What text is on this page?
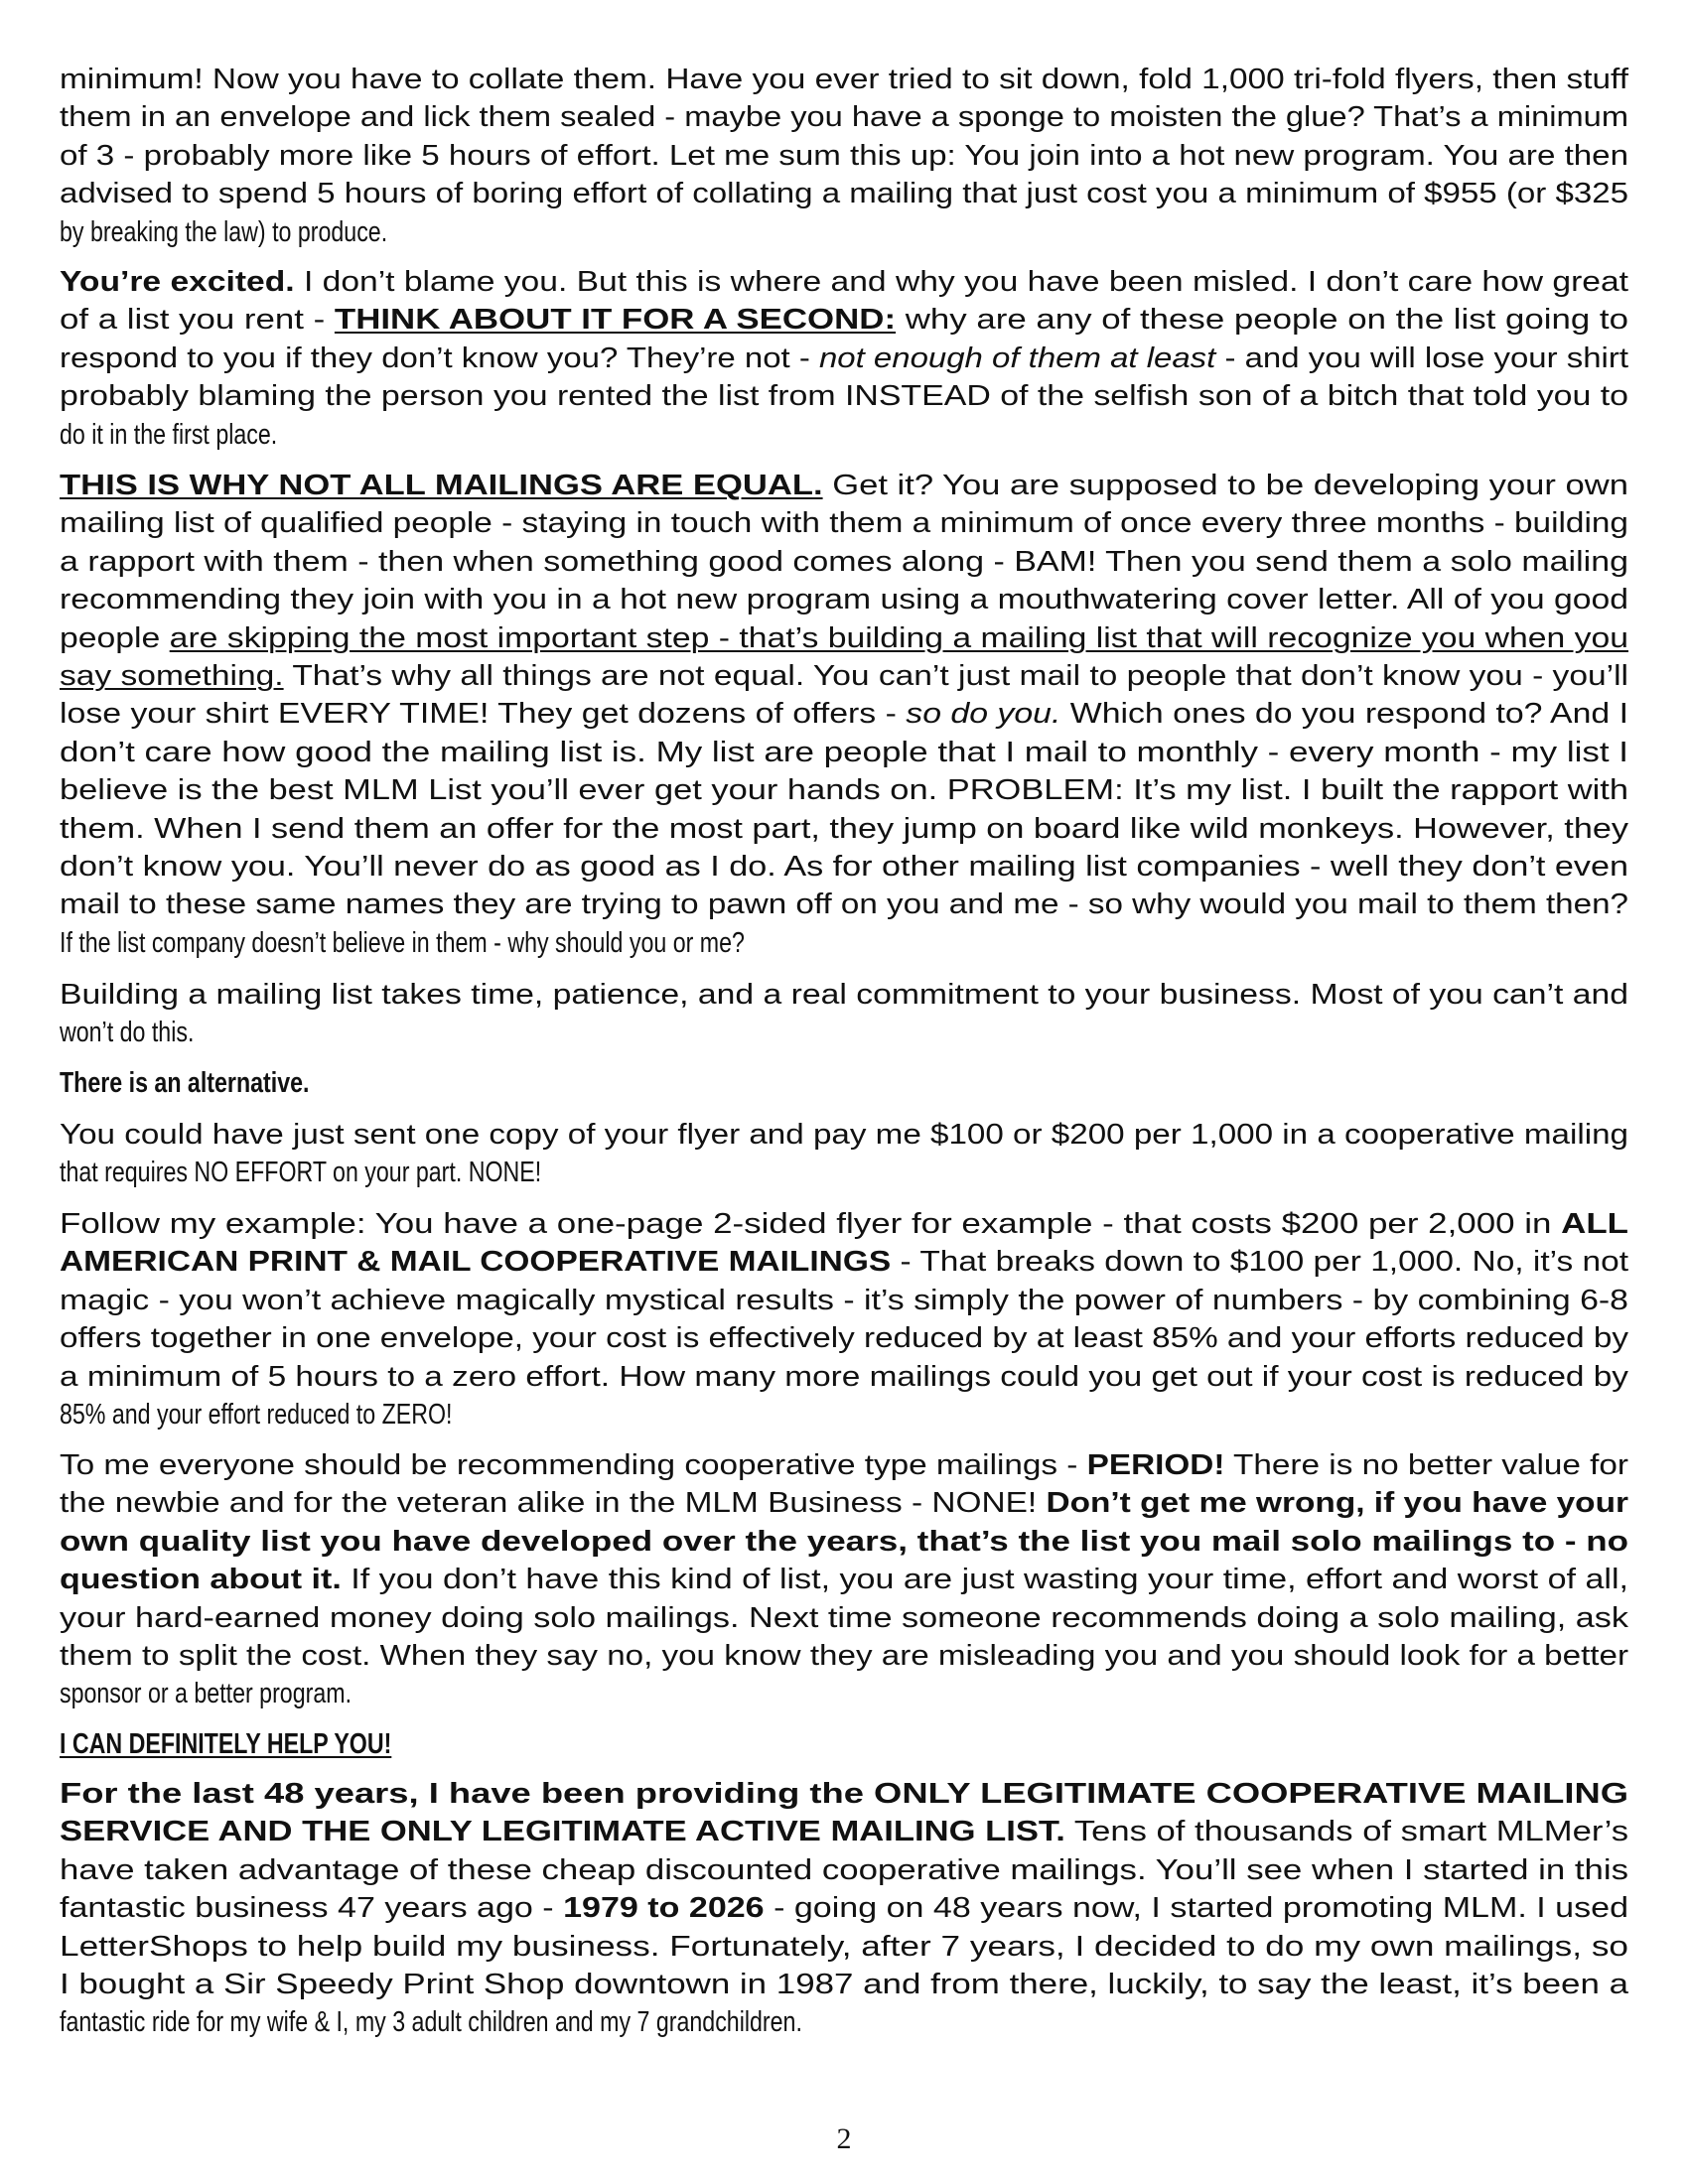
minimum! Now you have to collate them. Have you ever tried to sit down, fold 1,000 tri-fold flyers, then stuff
them in an envelope and lick them sealed - maybe you have a sponge to moisten the glue? That’s a minimum
of 3 - probably more like 5 hours of effort. Let me sum this up: You join into a hot new program. You are then
advised to spend 5 hours of boring effort of collating a mailing that just cost you a minimum of $955 (or $325
by breaking the law) to produce.
You’re excited. I don’t blame you. But this is where and why you have been misled. I don’t care how great
of a list you rent - THINK ABOUT IT FOR A SECOND: why are any of these people on the list going to
respond to you if they don’t know you? They’re not - not enough of them at least - and you will lose your shirt
probably blaming the person you rented the list from INSTEAD of the selfish son of a bitch that told you to
do it in the first place.
THIS IS WHY NOT ALL MAILINGS ARE EQUAL. Get it? You are supposed to be developing your own
mailing list of qualified people - staying in touch with them a minimum of once every three months - building
a rapport with them - then when something good comes along - BAM! Then you send them a solo mailing
recommending they join with you in a hot new program using a mouthwatering cover letter. All of you good
people are skipping the most important step - that’s building a mailing list that will recognize you when you
say something. That’s why all things are not equal. You can’t just mail to people that don’t know you - you’ll
lose your shirt EVERY TIME! They get dozens of offers - so do you. Which ones do you respond to? And I
don’t care how good the mailing list is. My list are people that I mail to monthly - every month - my list I
believe is the best MLM List you’ll ever get your hands on. PROBLEM: It’s my list. I built the rapport with
them. When I send them an offer for the most part, they jump on board like wild monkeys. However, they
don’t know you. You’ll never do as good as I do. As for other mailing list companies - well they don’t even
mail to these same names they are trying to pawn off on you and me - so why would you mail to them then?
If the list company doesn’t believe in them - why should you or me?
Building a mailing list takes time, patience, and a real commitment to your business. Most of you can’t and
won’t do this.
There is an alternative.
You could have just sent one copy of your flyer and pay me $100 or $200 per 1,000 in a cooperative mailing
that requires NO EFFORT on your part. NONE!
Follow my example: You have a one-page 2-sided flyer for example - that costs $200 per 2,000 in ALL
AMERICAN PRINT & MAIL COOPERATIVE MAILINGS - That breaks down to $100 per 1,000. No, it’s not
magic - you won’t achieve magically mystical results - it’s simply the power of numbers - by combining 6-8
offers together in one envelope, your cost is effectively reduced by at least 85% and your efforts reduced by
a minimum of 5 hours to a zero effort. How many more mailings could you get out if your cost is reduced by
85% and your effort reduced to ZERO!
To me everyone should be recommending cooperative type mailings - PERIOD! There is no better value for
the newbie and for the veteran alike in the MLM Business - NONE! Don’t get me wrong, if you have your
own quality list you have developed over the years, that’s the list you mail solo mailings to - no
question about it. If you don’t have this kind of list, you are just wasting your time, effort and worst of all,
your hard-earned money doing solo mailings. Next time someone recommends doing a solo mailing, ask
them to split the cost. When they say no, you know they are misleading you and you should look for a better
sponsor or a better program.
I CAN DEFINITELY HELP YOU!
For the last 48 years, I have been providing the ONLY LEGITIMATE COOPERATIVE MAILING
SERVICE AND THE ONLY LEGITIMATE ACTIVE MAILING LIST. Tens of thousands of smart MLMer’s
have taken advantage of these cheap discounted cooperative mailings. You’ll see when I started in this
fantastic business 47 years ago - 1979 to 2026 - going on 48 years now, I started promoting MLM. I used
LetterShops to help build my business. Fortunately, after 7 years, I decided to do my own mailings, so
I bought a Sir Speedy Print Shop downtown in 1987 and from there, luckily, to say the least, it’s been a
fantastic ride for my wife & I, my 3 adult children and my 7 grandchildren.
2
